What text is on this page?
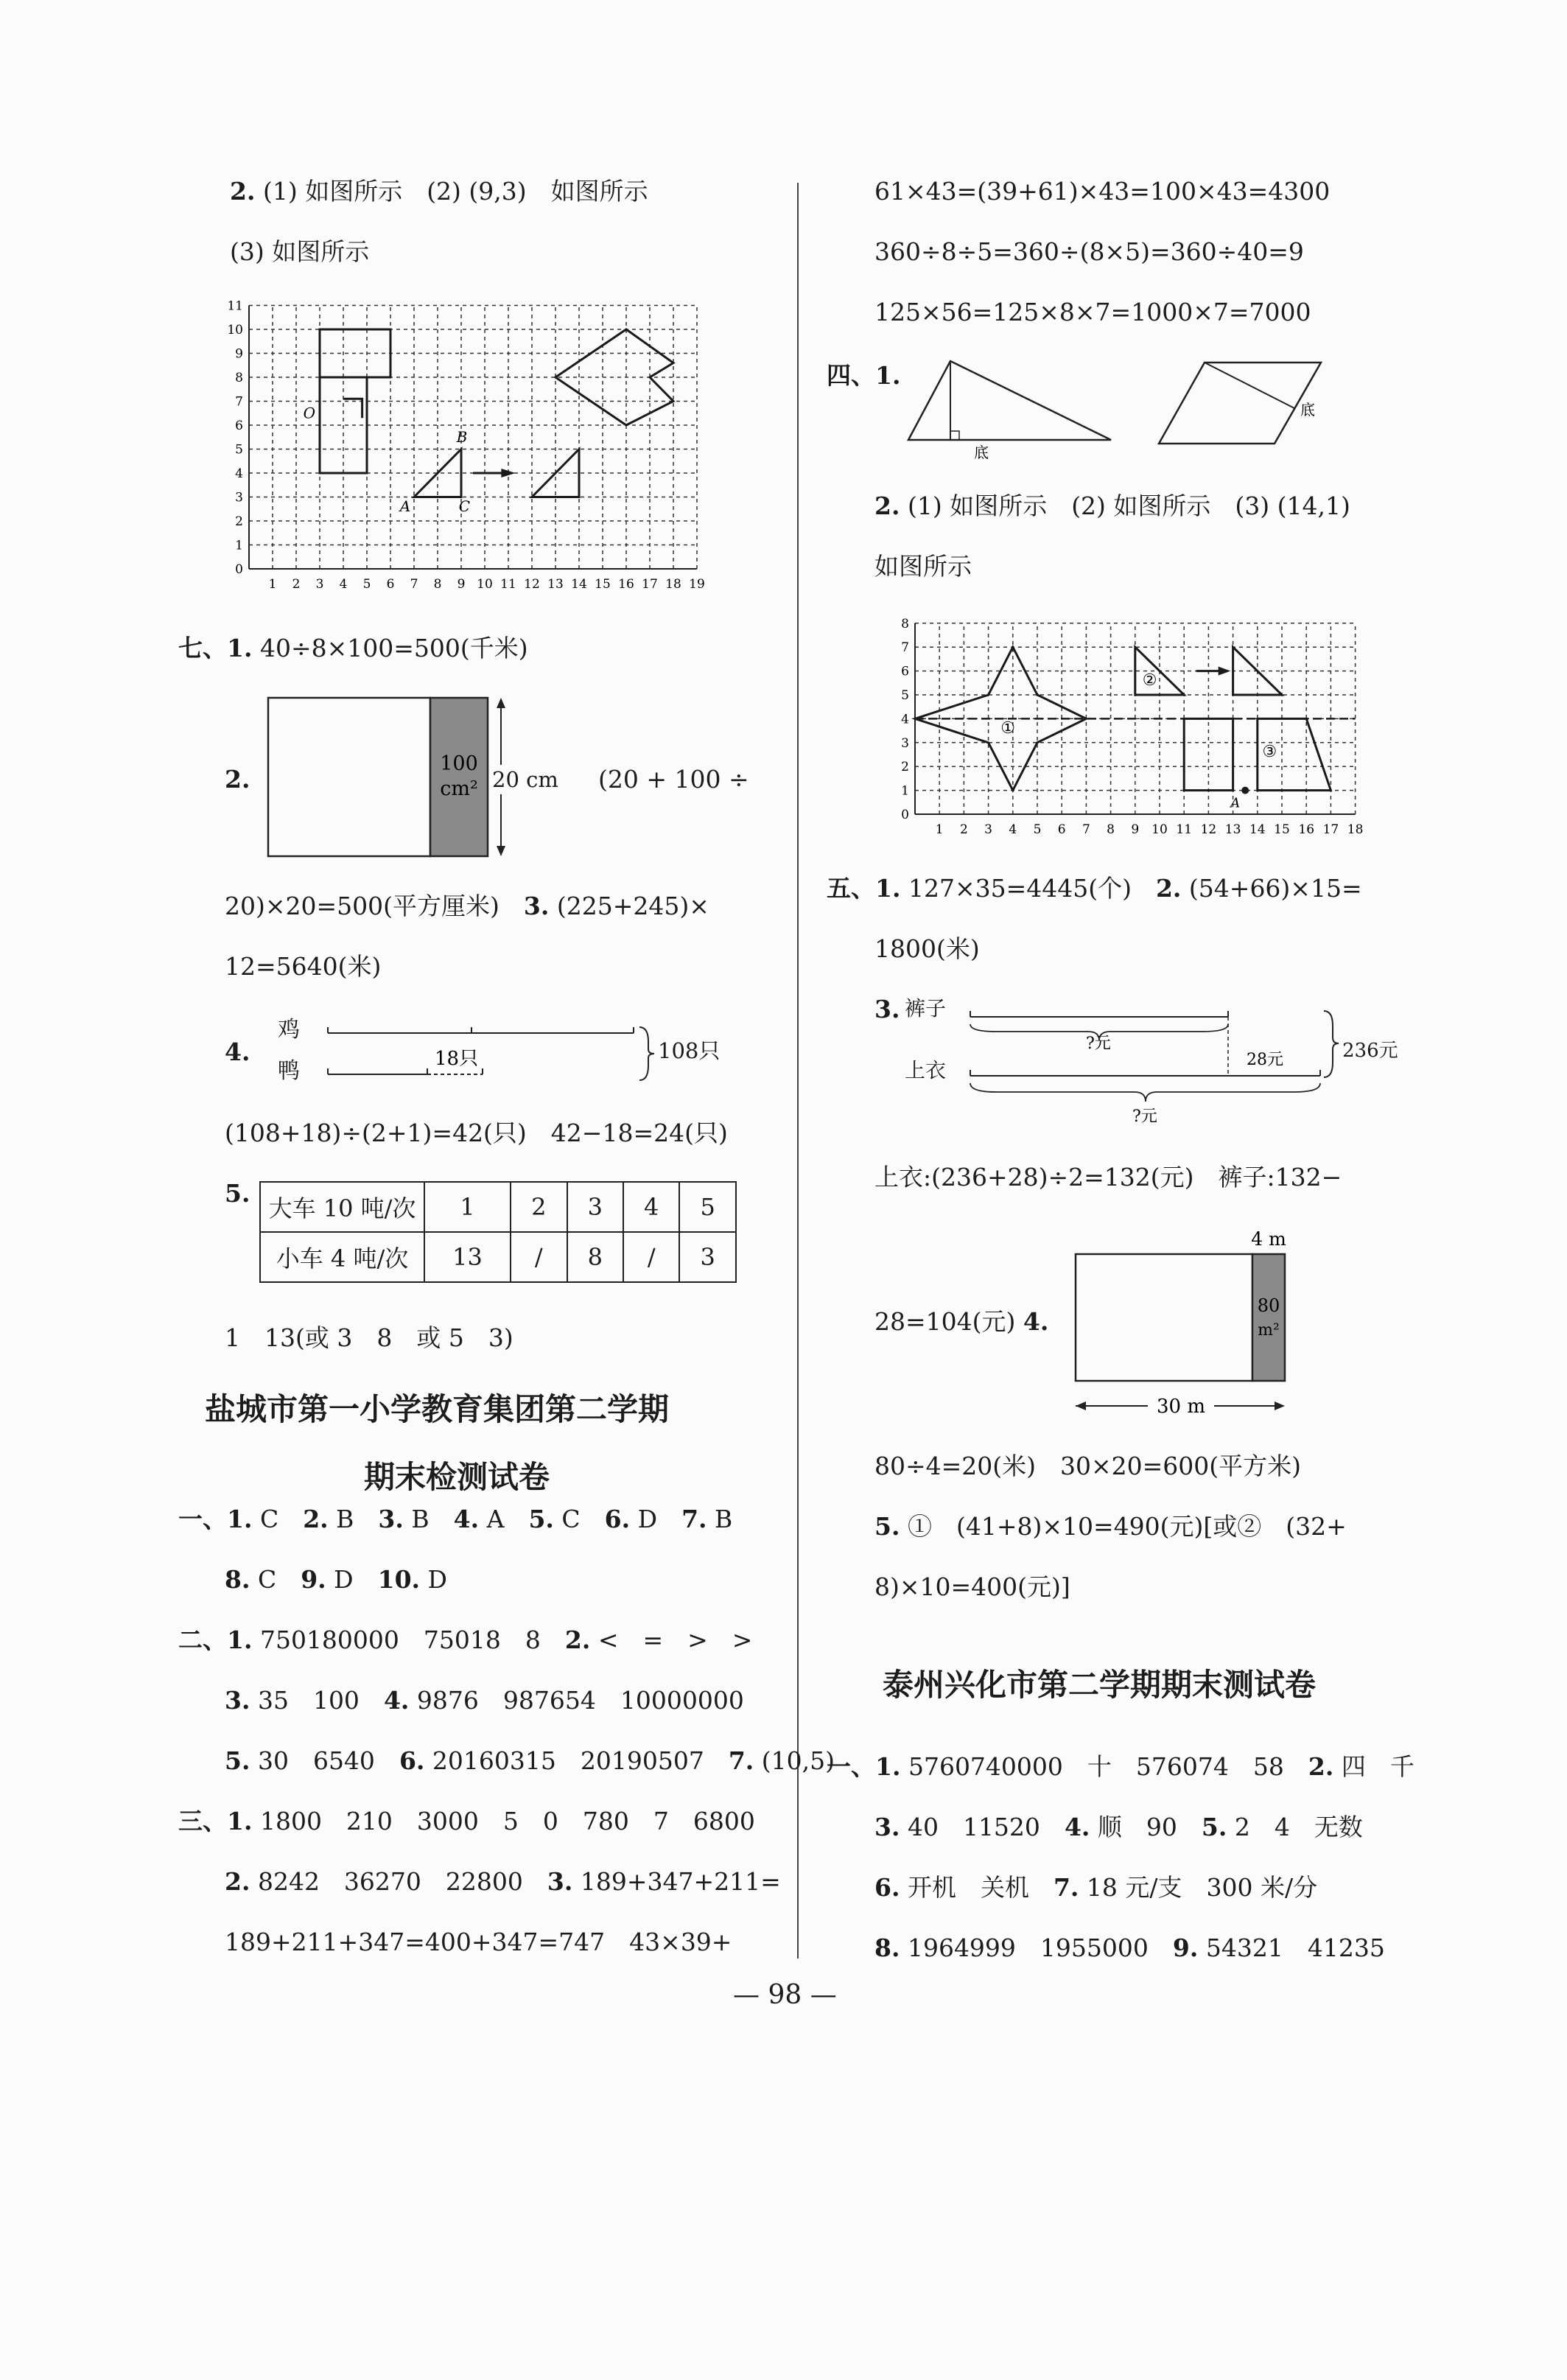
2. (1) 如图所示　(2) (9,3)　如图所示
(3) 如图所示
1 2 3 4 5 6 7 8 9 10 11 12 13 14 15 16 17 18 19
0
1
2
3
4
5
6
7
8
9
10
11
O
A
B
C
七、1. 40÷8×100=500(千米)
2.
100
cm² 20 cm (20 + 100 ÷
20)×20=500(平方厘米)　 3. (225+245)×
12=5640(米)
4.
鸡
鸭	18只	108只
(108+18)÷(2+1)=42(只)　42−18=24(只)
5.
大车 10 吨/次	1	2	3	4	5
小车 4 吨/次	13	/	8	/	3
1　13(或 3　8　或 5　3)
盐城市第一小学教育集团第二学期
期末检测试卷
一、1. C　 2. B　 3. B　 4. A　 5. C　 6. D　 7. B
8. C　 9. D　 10. D
二、1. 750180000　75018　8　 2. <　=　>　>
3. 35　100　 4. 9876　987654　10000000
5. 30　6540　 6. 20160315　20190507　 7. (10,5)
三、1. 1800　210　3000　5　0　780　7　6800
2. 8242　36270　22800　 3. 189+347+211=
189+211+347=400+347=747　43×39+
61×43=(39+61)×43=100×43=4300
360÷8÷5=360÷(8×5)=360÷40=9
125×56=125×8×7=1000×7=7000
四、1.
底
底
2. (1) 如图所示　(2) 如图所示　(3) (14,1)
如图所示
1 2 3 4 5 6 7 8 9 10 11 12 13 14 15 16 17 18
0
1
2
3
4
5
6
7
8
①
②
③
A
五、1. 127×35=4445(个)　 2. (54+66)×15=
1800(米)
3. 裤子
上衣
?元
28元
?元
236元
上衣:(236+28)÷2=132(元)　裤子:132−
80
m²
4 m
30 m
28=104(元) 4.
80÷4=20(米)　30×20=600(平方米)
5. ①　(41+8)×10=490(元)[或②　(32+
8)×10=400(元)]
泰州兴化市第二学期期末测试卷
一、1. 5760740000　十　576074　58　 2. 四　千
3. 40　11520　 4. 顺　90　 5. 2　4　无数
6. 开机　关机　 7. 18 元/支　300 米/分
8. 1964999　1955000　 9. 54321　41235
— 98 —
